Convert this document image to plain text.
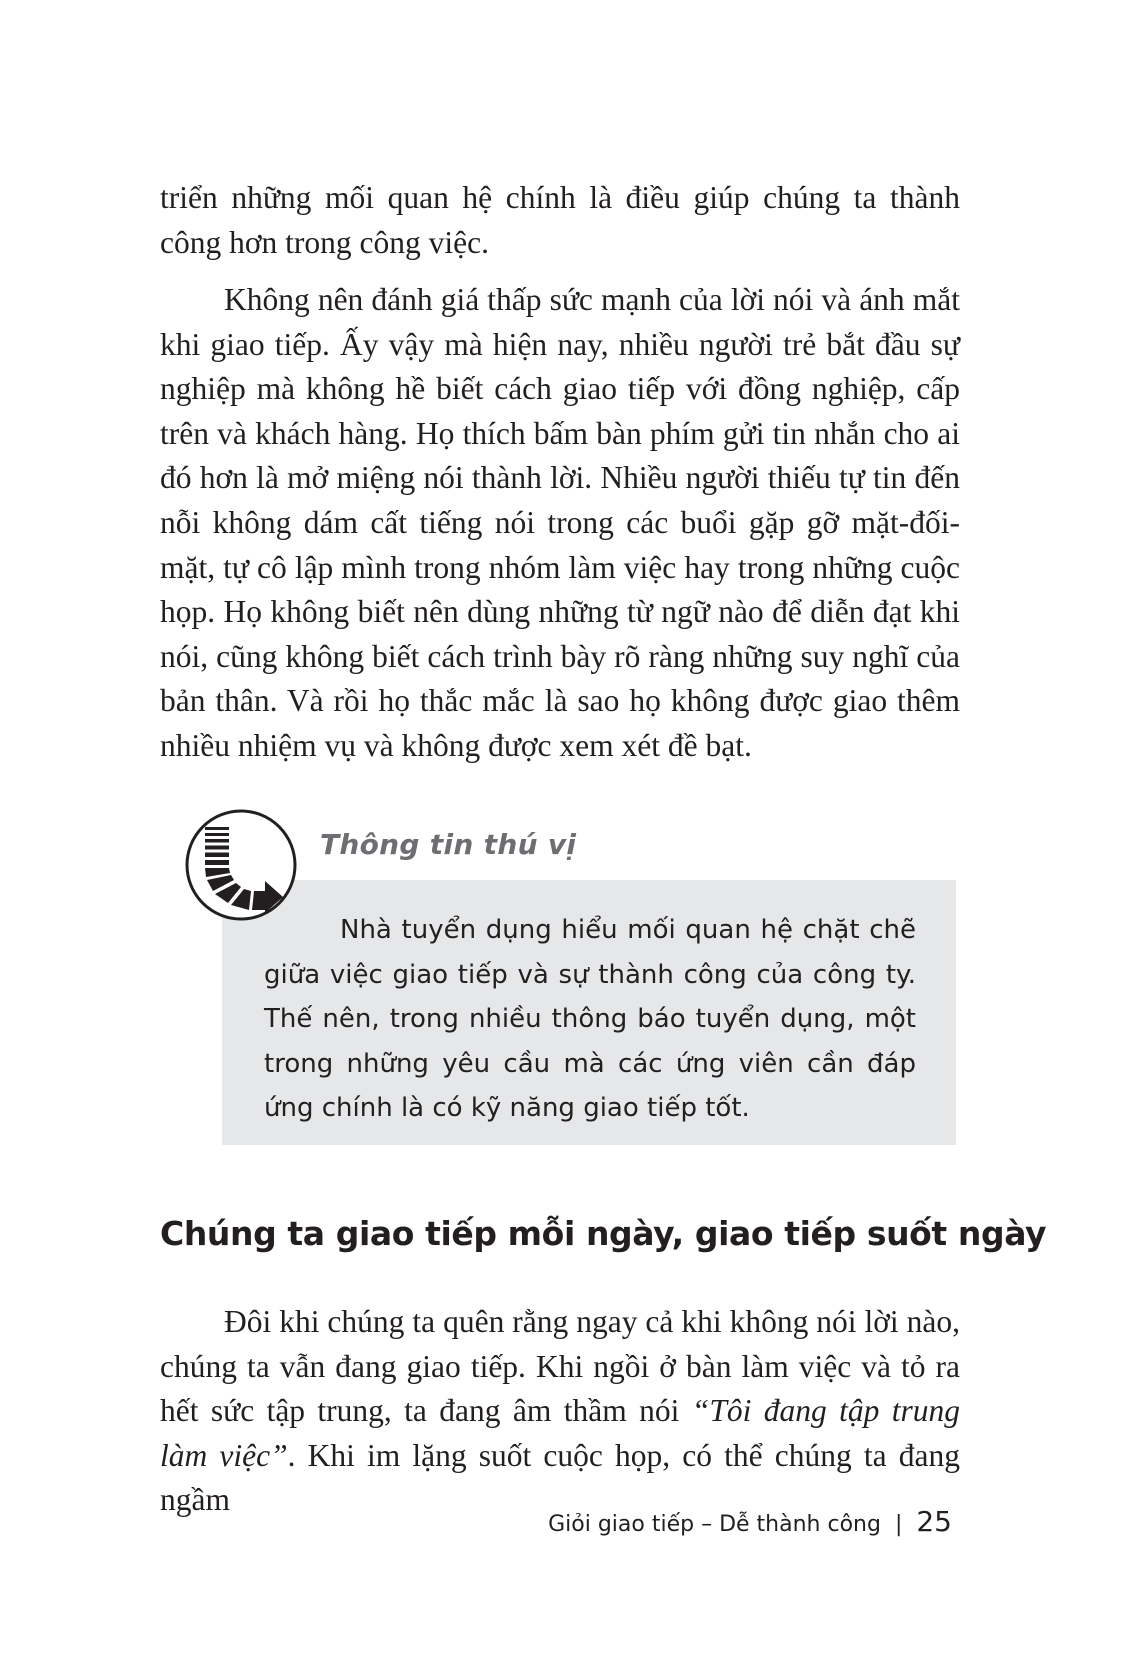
triển những mối quan hệ chính là điều giúp chúng ta thành công hơn trong công việc.

Không nên đánh giá thấp sức mạnh của lời nói và ánh mắt khi giao tiếp. Ấy vậy mà hiện nay, nhiều người trẻ bắt đầu sự nghiệp mà không hề biết cách giao tiếp với đồng nghiệp, cấp trên và khách hàng. Họ thích bấm bàn phím gửi tin nhắn cho ai đó hơn là mở miệng nói thành lời. Nhiều người thiếu tự tin đến nỗi không dám cất tiếng nói trong các buổi gặp gỡ mặt-đối-mặt, tự cô lập mình trong nhóm làm việc hay trong những cuộc họp. Họ không biết nên dùng những từ ngữ nào để diễn đạt khi nói, cũng không biết cách trình bày rõ ràng những suy nghĩ của bản thân. Và rồi họ thắc mắc là sao họ không được giao thêm nhiều nhiệm vụ và không được xem xét đề bạt.

Thông tin thú vị

Nhà tuyển dụng hiểu mối quan hệ chặt chẽ giữa việc giao tiếp và sự thành công của công ty. Thế nên, trong nhiều thông báo tuyển dụng, một trong những yêu cầu mà các ứng viên cần đáp ứng chính là có kỹ năng giao tiếp tốt.

Chúng ta giao tiếp mỗi ngày, giao tiếp suốt ngày

Đôi khi chúng ta quên rằng ngay cả khi không nói lời nào, chúng ta vẫn đang giao tiếp. Khi ngồi ở bàn làm việc và tỏ ra hết sức tập trung, ta đang âm thầm nói “Tôi đang tập trung làm việc”. Khi im lặng suốt cuộc họp, có thể chúng ta đang ngầm

Giỏi giao tiếp – Dễ thành công | 25
